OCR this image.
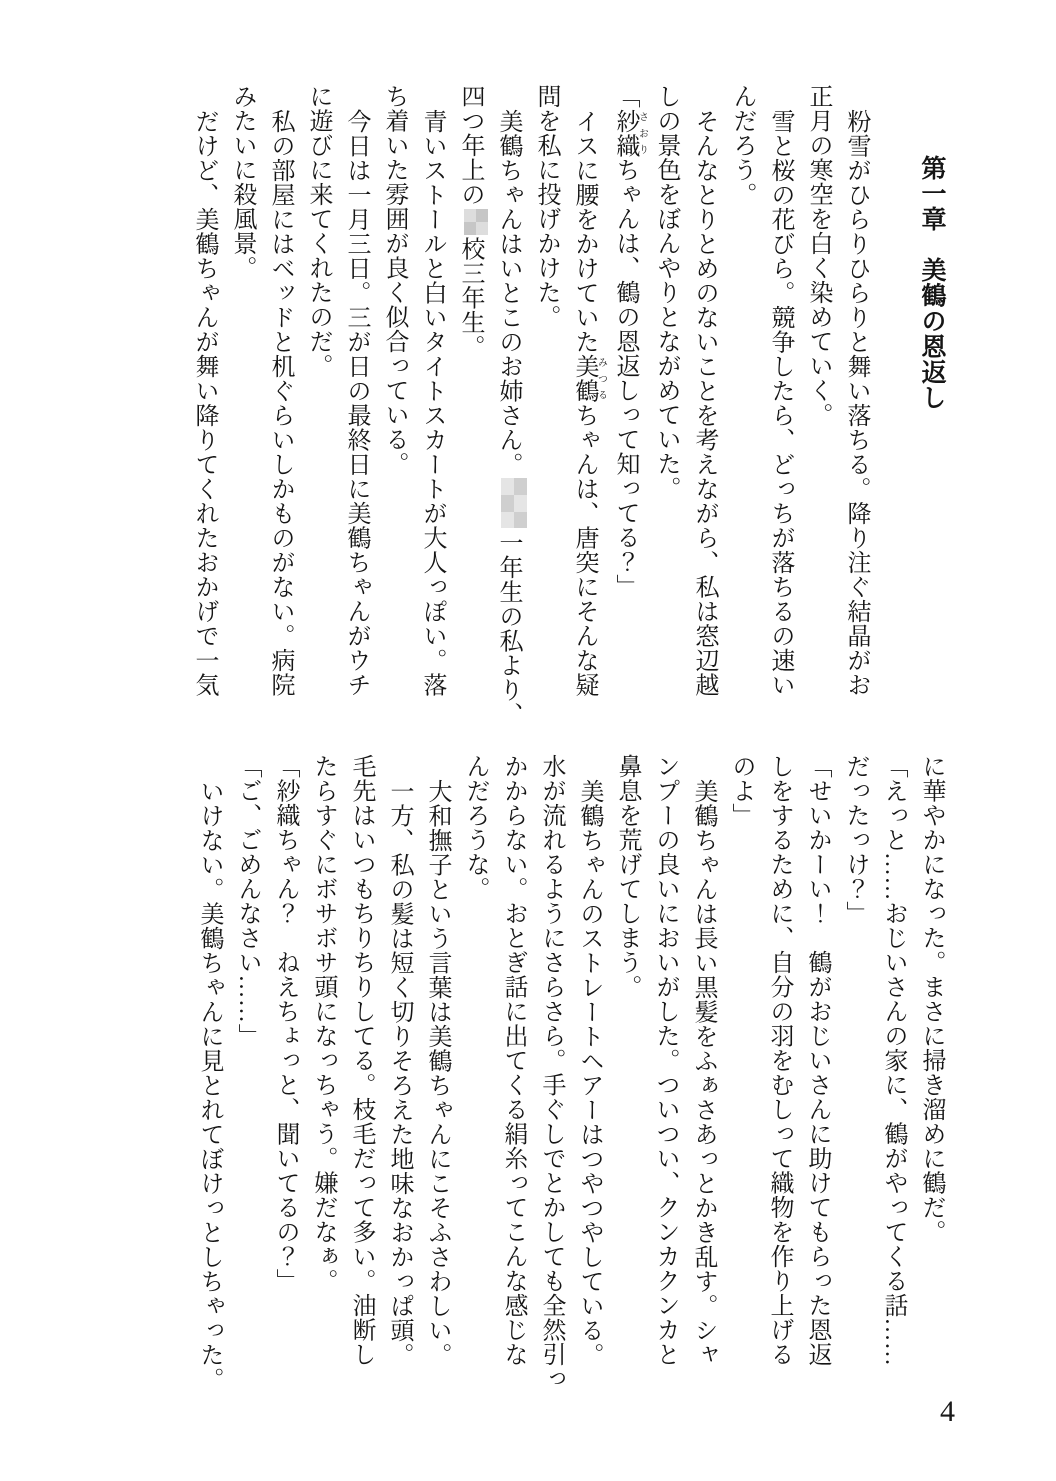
第一章　美鶴の恩返し
粉雪がひらりひらりと舞い落ちる。降り注ぐ結晶がお
正月の寒空を白く染めていく。
雪と桜の花びら。競争したら、どっちが落ちるの速い
んだろう。
そんなとりとめのないことを考えながら、私は窓辺越
しの景色をぼんやりとながめていた。
「紗織さおりちゃんは、鶴の恩返しって知ってる？」
イスに腰をかけていた美鶴みつるちゃんは、唐突にそんな疑
問を私に投げかけた。
美鶴ちゃんはいとこのお姉さん。一年生の私より、
四つ年上の校三年生。
青いストールと白いタイトスカートが大人っぽい。落
ち着いた雰囲が良く似合っている。
今日は一月三日。三が日の最終日に美鶴ちゃんがウチ
に遊びに来てくれたのだ。
私の部屋にはベッドと机ぐらいしかものがない。病院
みたいに殺風景。
だけど、美鶴ちゃんが舞い降りてくれたおかげで一気
に華やかになった。まさに掃き溜めに鶴だ。
「えっと……おじいさんの家に、鶴がやってくる話……
だったっけ？」
「せいかーい！　鶴がおじいさんに助けてもらった恩返
しをするために、自分の羽をむしって織物を作り上げる
のよ」
美鶴ちゃんは長い黒髪をふぁさあっとかき乱す。シャ
ンプーの良いにおいがした。ついつい、クンカクンカと
鼻息を荒げてしまう。
美鶴ちゃんのストレートヘアーはつやつやしている。
水が流れるようにさらさら。手ぐしでとかしても全然引っ
かからない。おとぎ話に出てくる絹糸ってこんな感じな
んだろうな。
大和撫子という言葉は美鶴ちゃんにこそふさわしい。
一方、私の髪は短く切りそろえた地味なおかっぱ頭。
毛先はいつもちりちりしてる。枝毛だって多い。油断し
たらすぐにボサボサ頭になっちゃう。嫌だなぁ。
「紗織ちゃん？　ねえちょっと、聞いてるの？」
「ご、ごめんなさい……」
いけない。美鶴ちゃんに見とれてぼけっとしちゃった。
4
